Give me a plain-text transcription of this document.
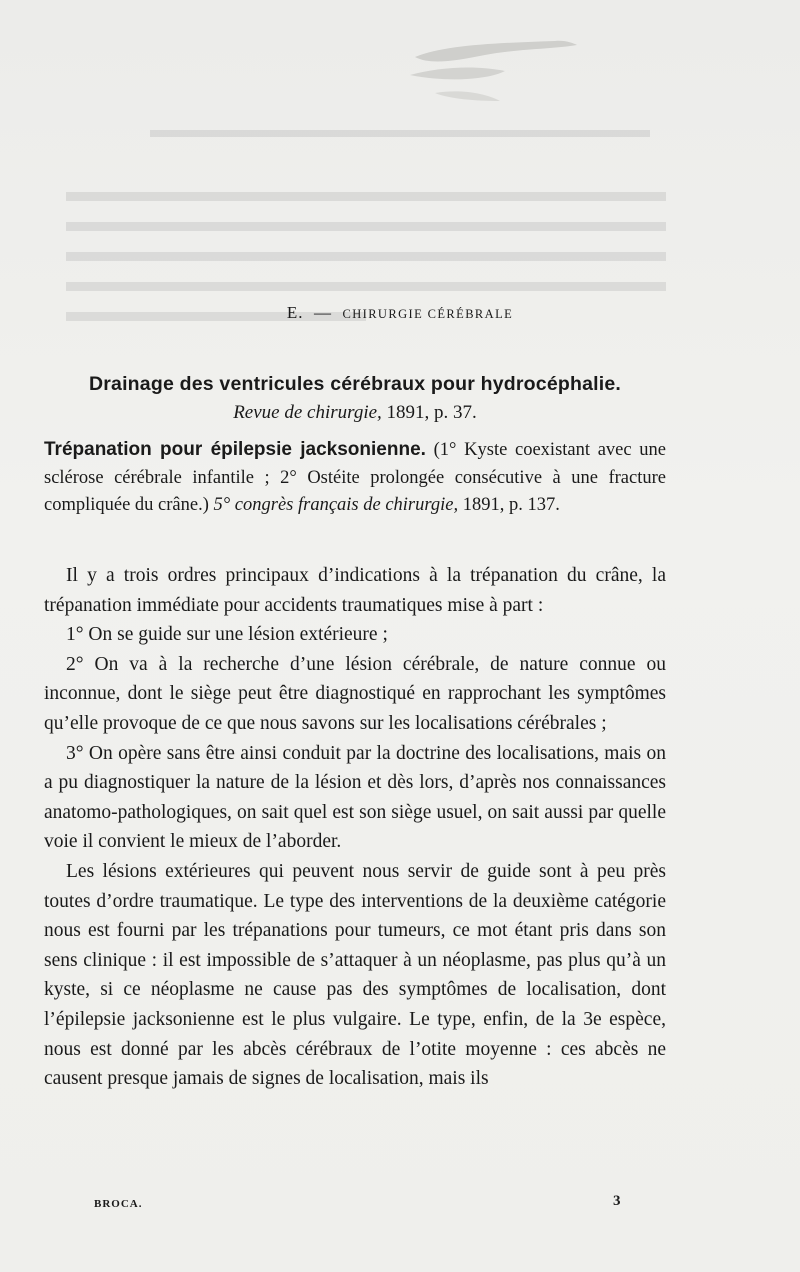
E. — CHIRURGIE CÉRÉBRALE
Drainage des ventricules cérébraux pour hydrocéphalie.
Revue de chirurgie, 1891, p. 37.
Trépanation pour épilepsie jacksonienne. (1° Kyste coexistant avec une sclérose cérébrale infantile ; 2° Ostéite prolongée consécutive à une fracture compliquée du crâne.) 5° congrès français de chirurgie, 1891, p. 137.

Il y a trois ordres principaux d’indications à la trépanation du crâne, la trépanation immédiate pour accidents traumatiques mise à part :

1° On se guide sur une lésion extérieure ;

2° On va à la recherche d’une lésion cérébrale, de nature connue ou inconnue, dont le siège peut être diagnostiqué en rapprochant les symptômes qu’elle provoque de ce que nous savons sur les localisations cérébrales ;

3° On opère sans être ainsi conduit par la doctrine des localisations, mais on a pu diagnostiquer la nature de la lésion et dès lors, d’après nos connaissances anatomo-pathologiques, on sait quel est son siège usuel, on sait aussi par quelle voie il convient le mieux de l’aborder.

Les lésions extérieures qui peuvent nous servir de guide sont à peu près toutes d’ordre traumatique. Le type des interventions de la deuxième catégorie nous est fourni par les trépanations pour tumeurs, ce mot étant pris dans son sens clinique : il est impossible de s’attaquer à un néoplasme, pas plus qu’à un kyste, si ce néoplasme ne cause pas des symptômes de localisation, dont l’épilepsie jacksonienne est le plus vulgaire. Le type, enfin, de la 3e espèce, nous est donné par les abcès cérébraux de l’otite moyenne : ces abcès ne causent presque jamais de signes de localisation, mais ils

BROCA.	3
